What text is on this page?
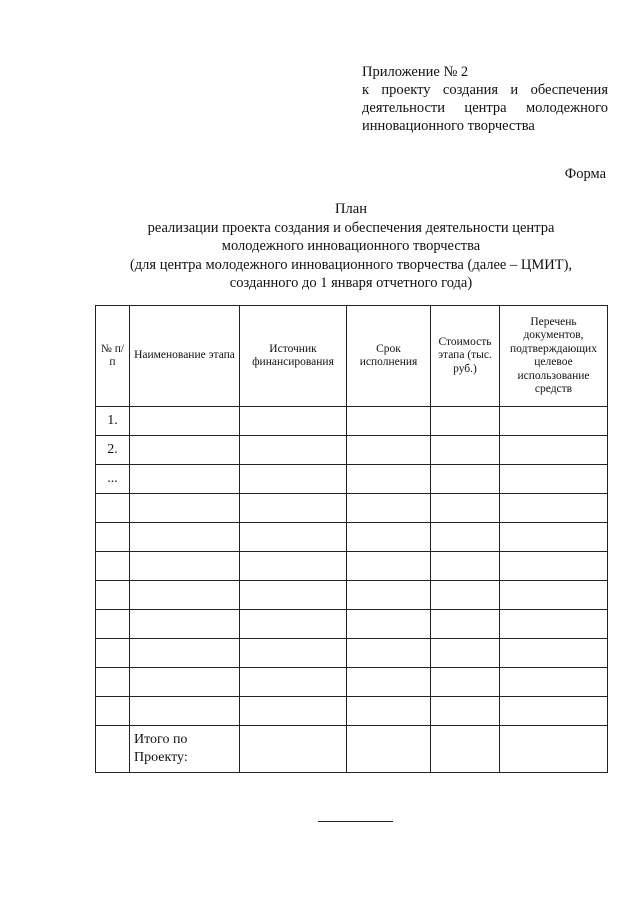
Приложение № 2
к проекту создания и обеспечения
деятельности центра молодежного
инновационного творчества
Форма
План
реализации проекта создания и обеспечения деятельности центра
молодежного инновационного творчества
(для центра молодежного инновационного творчества (далее – ЦМИТ),
созданного до 1 января отчетного года)
№ п/п	Наименование этапа	Источник финансирования	Срок исполнения	Стоимость этапа (тыс. руб.)	Перечень документов, подтверждающих целевое использование средств
1.					
2.					
...					

	Итого по Проекту:				
